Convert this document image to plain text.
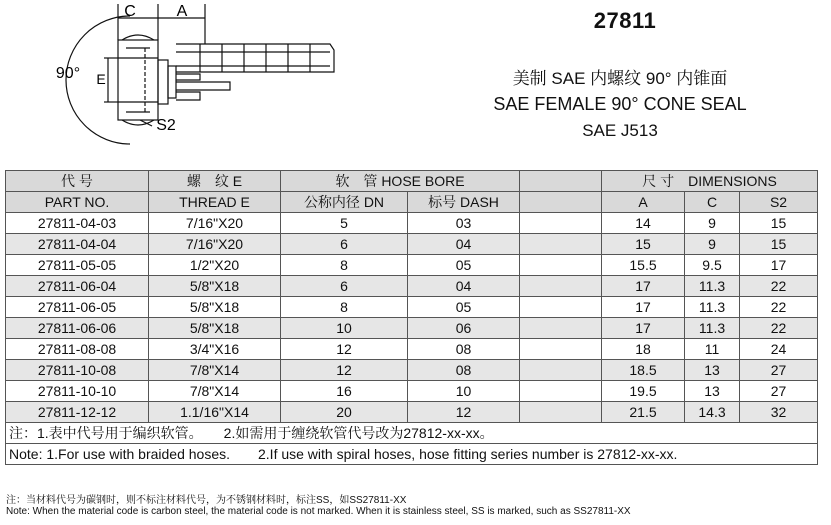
C	A
90° E
S2
27811
美制 SAE 内螺纹 90° 内锥面
SAE FEMALE 90° CONE SEAL
SAE J513
代 号	螺　纹 E	软　管 HOSE BORE			尺 寸　DIMENSIONS		
PART NO.	THREAD E	公称内径 DN	标号 DASH		A	C	S2
27811-04-03	7/16"X20	5	03		14	9	15
27811-04-04	7/16"X20	6	04		15	9	15
27811-05-05	1/2"X20	8	05		15.5	9.5	17
27811-06-04	5/8"X18	6	04		17	11.3	22
27811-06-05	5/8"X18	8	05		17	11.3	22
27811-06-06	5/8"X18	10	06		17	11.3	22
27811-08-08	3/4"X16	12	08		18	11	24
27811-10-08	7/8"X14	12	08		18.5	13	27
27811-10-10	7/8"X14	16	10		19.5	13	27
27811-12-12	1.1/16"X14	20	12		21.5	14.3	32
注：1.表中代号用于编织软管。　　2.如需用于缠绕软管代号改为27812-xx-xx。							
Note: 1.For use with braided hoses.　　2.If use with spiral hoses, hose fitting series number is 27812-xx-xx.							
注：当材料代号为碳钢时，则不标注材料代号，为不锈钢材料时，标注SS，如SS27811-XX
Note: When the material code is carbon steel, the material code is not marked. When it is stainless steel, SS is marked, such as SS27811-XX
